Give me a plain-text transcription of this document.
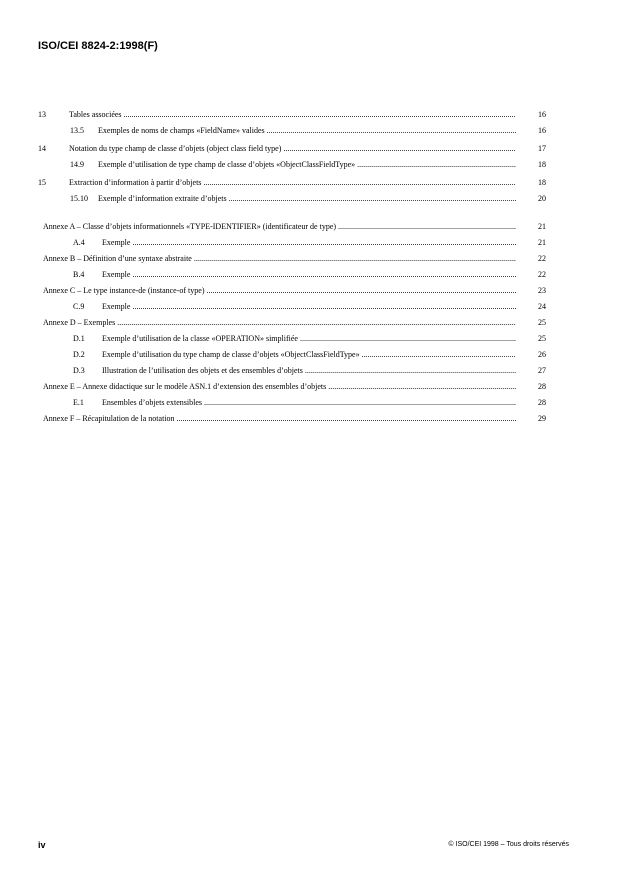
ISO/CEI 8824-2:1998(F)
13	Tables associées .....	16
13.5 Exemples de noms de champs «FieldName» valides .....	16
14	Notation du type champ de classe d’objets (object class field type) .....	17
14.9 Exemple d’utilisation de type champ de classe d’objets «ObjectClassFieldType» .....	18
15	Extraction d’information à partir d’objets .....	18
15.10 Exemple d’information extraite d’objets .....	20
Annexe A – Classe d’objets informationnels «TYPE-IDENTIFIER» (identificateur de type) .....	21
A.4 Exemple .....	21
Annexe B – Définition d’une syntaxe abstraite .....	22
B.4 Exemple .....	22
Annexe C – Le type instance-de (instance-of type) .....	23
C.9 Exemple .....	24
Annexe D – Exemples .....	25
D.1 Exemple d’utilisation de la classe «OPERATION» simplifiée .....	25
D.2 Exemple d’utilisation du type champ de classe d’objets «ObjectClassFieldType» .....	26
D.3 Illustration de l’utilisation des objets et des ensembles d’objets .....	27
Annexe E – Annexe didactique sur le modèle ASN.1 d’extension des ensembles d’objets .....	28
E.1 Ensembles d’objets extensibles .....	28
Annexe F – Récapitulation de la notation .....	29
iv	© ISO/CEI 1998 – Tous droits réservés
